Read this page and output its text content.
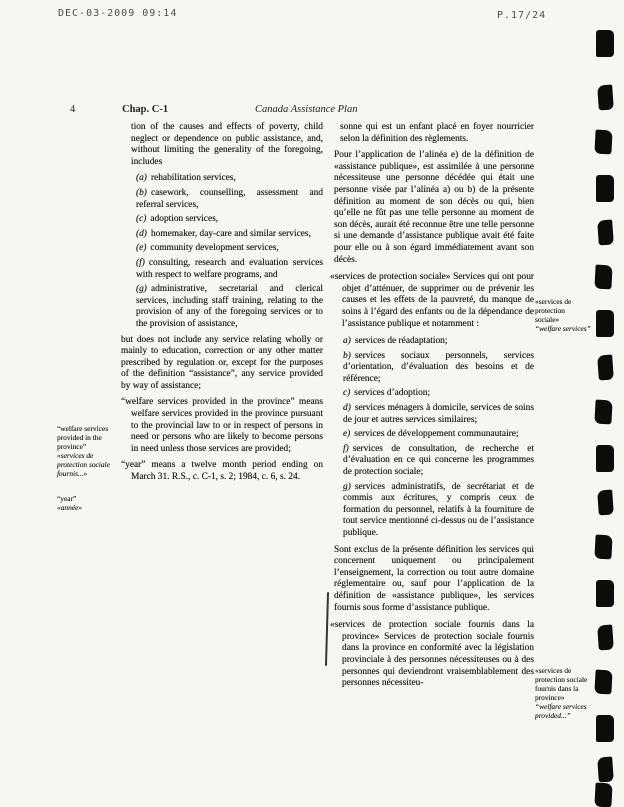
DEC-03-2009 09:14	P.17/24
4	Chap. C-1	Canada Assistance Plan

tion of the causes and effects of poverty, child neglect or dependence on public assistance, and, without limiting the generality of the foregoing, includes

(a) rehabilitation services,

(b) casework, counselling, assessment and referral services,

(c) adoption services,

(d) homemaker, day-care and similar services,

(e) community development services,

(f) consulting, research and evaluation services with respect to welfare programs, and

(g) administrative, secretarial and clerical services, including staff training, relating to the provision of any of the foregoing services or to the provision of assistance,

but does not include any service relating wholly or mainly to education, correction or any other matter prescribed by regulation or, except for the purposes of the definition “assistance”, any service provided by way of assistance;

“welfare services provided in the province” means welfare services provided in the province pursuant to the provincial law to or in respect of persons in need or persons who are likely to become persons in need unless those services are provided;

“year” means a twelve month period ending on March 31. R.S., c. C-1, s. 2; 1984, c. 6, s. 24.

sonne qui est un enfant placé en foyer nourricier selon la définition des règlements.

Pour l’application de l’alinéa e) de la définition de «assistance publique», est assimilée à une personne nécessiteuse une personne décédée qui était une personne visée par l’alinéa a) ou b) de la présente définition au moment de son décès ou qui, bien qu’elle ne fût pas une telle personne au moment de son décès, aurait été reconnue être une telle personne si une demande d’assistance publique avait été faite pour elle ou à son égard immédiatement avant son décès.

«services de protection sociale» Services qui ont pour objet d’atténuer, de supprimer ou de prévenir les causes et les effets de la pauvreté, du manque de soins à l’égard des enfants ou de la dépendance de l’assistance publique et notamment :

a) services de réadaptation;

b) services sociaux personnels, services d’orientation, d’évaluation des besoins et de référence;

c) services d’adoption;

d) services ménagers à domicile, services de soins de jour et autres services similaires;

e) services de développement communautaire;

f) services de consultation, de recherche et d’évaluation en ce qui concerne les programmes de protection sociale;

g) services administratifs, de secrétariat et de commis aux écritures, y compris ceux de formation du personnel, relatifs à la fourniture de tout service mentionné ci-dessus ou de l’assistance publique.

Sont exclus de la présente définition les services qui concernent uniquement ou principalement l’enseignement, la correction ou tout autre domaine réglementaire ou, sauf pour l’application de la définition de «assistance publique», les services fournis sous forme d’assistance publique.

«services de protection sociale fournis dans la province» Services de protection sociale fournis dans la province en conformité avec la législation provinciale à des personnes nécessiteuses ou à des personnes qui deviendront vraisemblablement des personnes nécessiteu-

“welfare services provided in the province”
«services de protection sociale fournis...»
“year”
«année»
«services de protection sociale»
“welfare services”
«services de protection sociale fournis dans la province»
“welfare services provided...”
